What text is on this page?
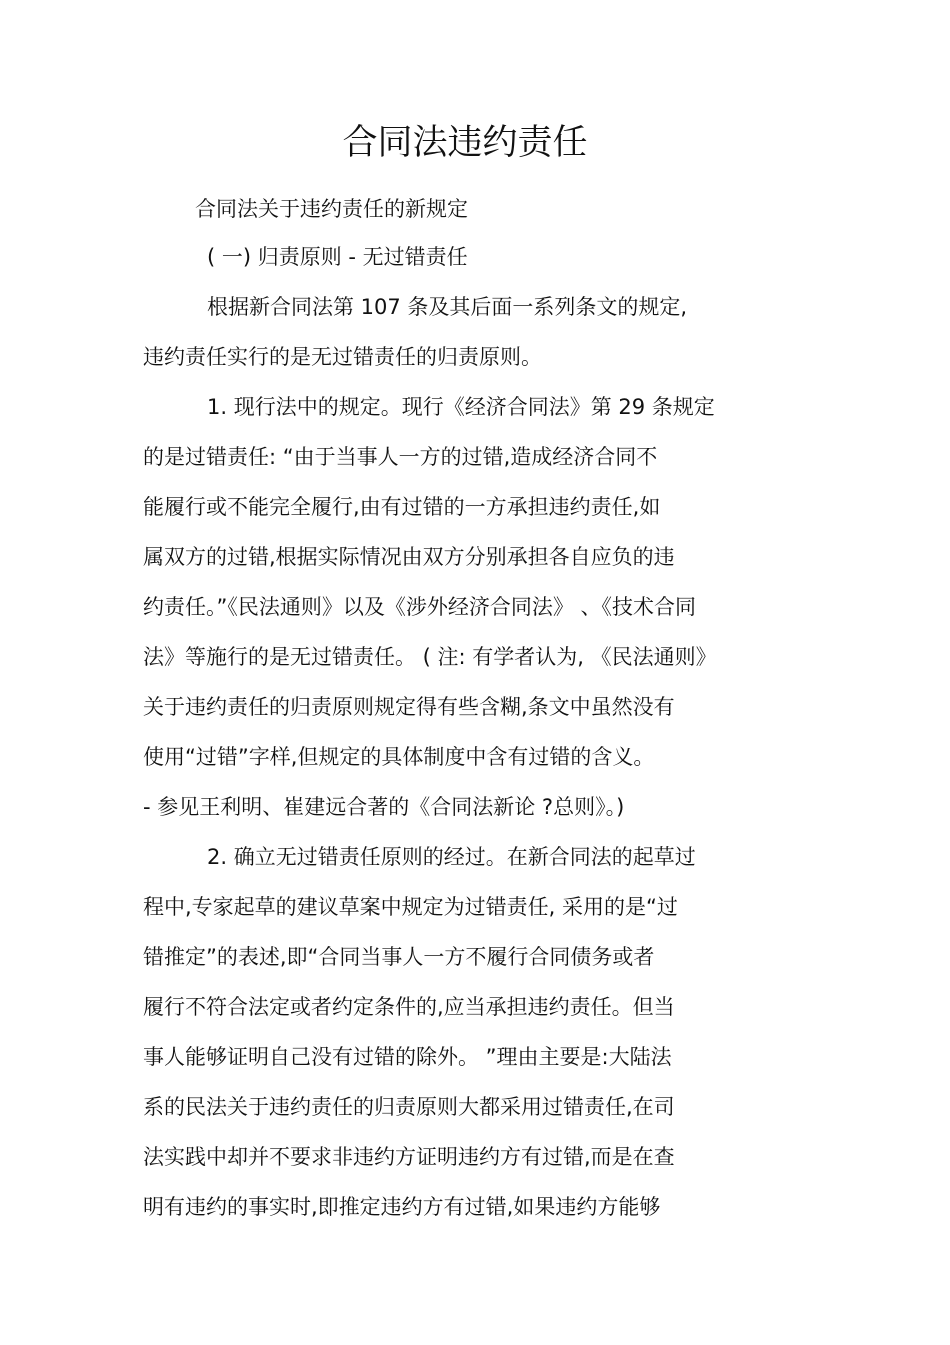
合同法违约责任
合同法关于违约责任的新规定
( 一) 归责原则 - 无过错责任
根据新合同法第 107 条及其后面一系列条文的规定,
违约责任实行的是无过错责任的归责原则。
1. 现行法中的规定。现行《经济合同法》第 29 条规定
的是过错责任: “由于当事人一方的过错,造成经济合同不
能履行或不能完全履行,由有过错的一方承担违约责任,如
属双方的过错,根据实际情况由双方分别承担各自应负的违
约责任。”《民法通则》以及《涉外经济合同法》 、《技术合同
法》等施行的是无过错责任。 ( 注: 有学者认为, 《民法通则》
关于违约责任的归责原则规定得有些含糊,条文中虽然没有
使用“过错”字样,但规定的具体制度中含有过错的含义。
- 参见王利明、崔建远合著的《合同法新论 ?总则》。)
2. 确立无过错责任原则的经过。在新合同法的起草过
程中,专家起草的建议草案中规定为过错责任, 采用的是“过
错推定”的表述,即“合同当事人一方不履行合同债务或者
履行不符合法定或者约定条件的,应当承担违约责任。但当
事人能够证明自己没有过错的除外。 ”理由主要是:大陆法
系的民法关于违约责任的归责原则大都采用过错责任,在司
法实践中却并不要求非违约方证明违约方有过错,而是在查
明有违约的事实时,即推定违约方有过错,如果违约方能够
